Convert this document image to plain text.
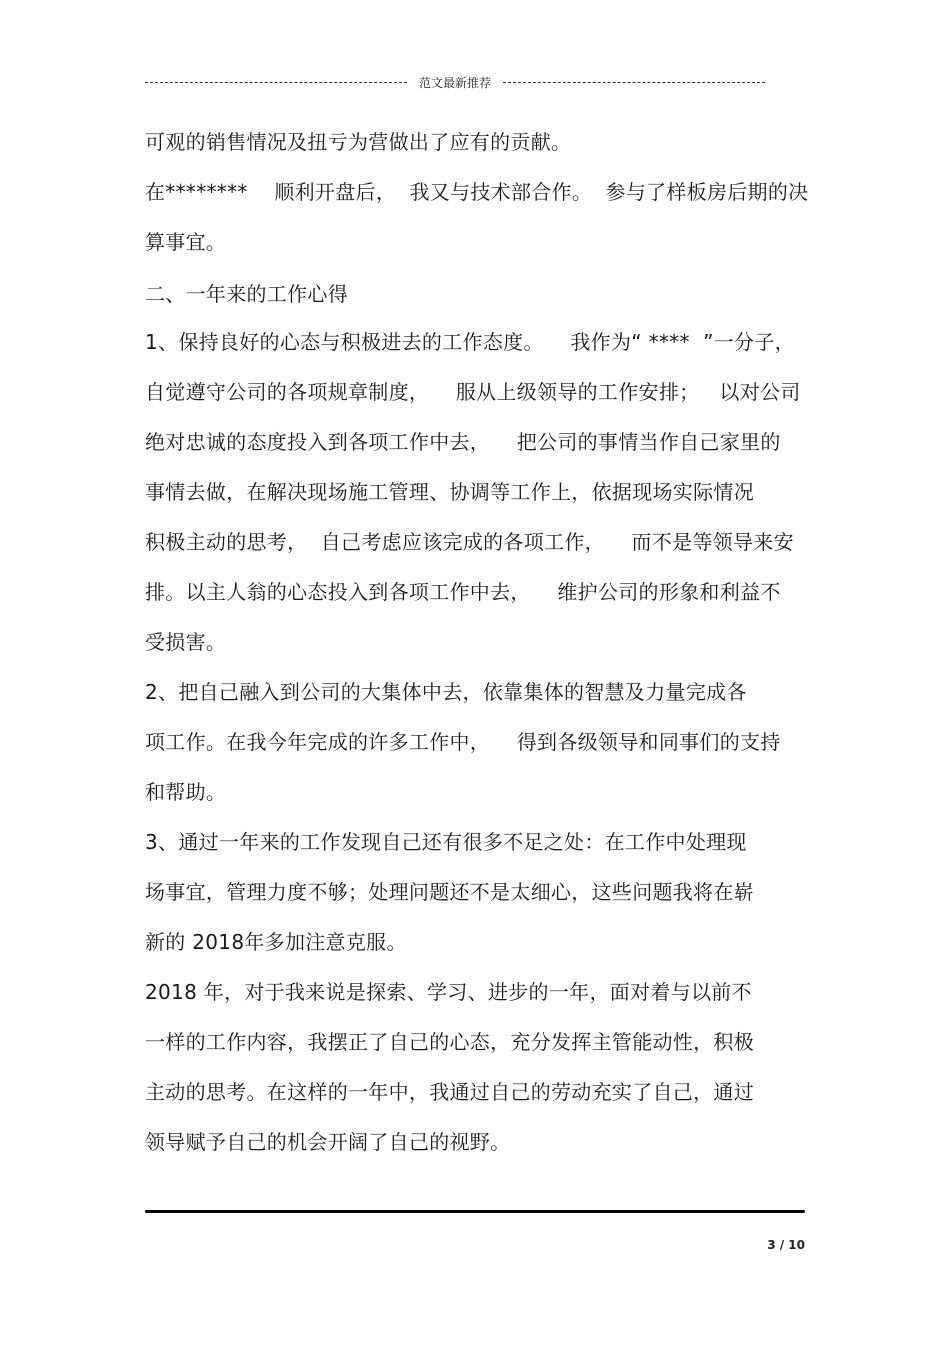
范文最新推荐
可观的销售情况及扭亏为营做出了应有的贡献。
在********    顺利开盘后，  我又与技术部合作。  参与了样板房后期的决
算事宜。
二、一年来的工作心得
1、保持良好的心态与积极进去的工作态度。    我作为“ ****  ”一分子，
自觉遵守公司的各项规章制度，    服从上级领导的工作安排；   以对公司
绝对忠诚的态度投入到各项工作中去，    把公司的事情当作自己家里的
事情去做，在解决现场施工管理、协调等工作上，依据现场实际情况
积极主动的思考，  自己考虑应该完成的各项工作，    而不是等领导来安
排。以主人翁的心态投入到各项工作中去，    维护公司的形象和利益不
受损害。
2、把自己融入到公司的大集体中去，依靠集体的智慧及力量完成各
项工作。在我今年完成的许多工作中，    得到各级领导和同事们的支持
和帮助。
3、通过一年来的工作发现自己还有很多不足之处：在工作中处理现
场事宜，管理力度不够；处理问题还不是太细心，这些问题我将在崭
新的 2018年多加注意克服。
2018 年，对于我来说是探索、学习、进步的一年，面对着与以前不
一样的工作内容，我摆正了自己的心态，充分发挥主管能动性，积极
主动的思考。在这样的一年中，我通过自己的劳动充实了自己，通过
领导赋予自己的机会开阔了自己的视野。
3 / 10
